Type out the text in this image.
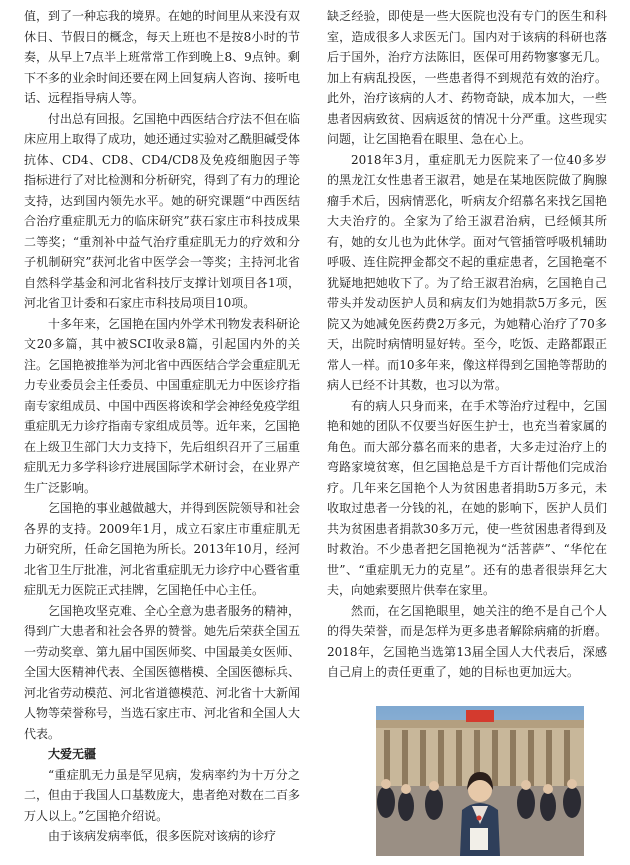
值，到了一种忘我的境界。在她的时间里从来没有双休日、节假日的概念，每天上班也不是按8小时的节奏，从早上7点半上班常常工作到晚上8、9点钟。剩下不多的业余时间还要在网上回复病人咨询、接听电话、远程指导病人等。

付出总有回报。乞国艳中西医结合疗法不但在临床应用上取得了成功，她还通过实验对乙酰胆碱受体抗体、CD4、CD8、CD4/CD8及免疫细胞因子等指标进行了对比检测和分析研究，得到了有力的理论支持，达到国内领先水平。她的研究课题“中西医结合治疗重症肌无力的临床研究”获石家庄市科技成果二等奖；“重剂补中益气治疗重症肌无力的疗效和分子机制研究”获河北省中医学会一等奖；主持河北省自然科学基金和河北省科技厅支撑计划项目各1项，河北省卫计委和石家庄市科技局项目10项。

十多年来，乞国艳在国内外学术刊物发表科研论文20多篇，其中被SCI收录8篇，引起国内外的关注。乞国艳被推举为河北省中西医结合学会重症肌无力专业委员会主任委员、中国重症肌无力中医诊疗指南专家组成员、中国中西医将诶和学会神经免疫学组重症肌无力诊疗指南专家组成员等。近年来，乞国艳在上级卫生部门大力支持下，先后组织召开了三届重症肌无力多学科诊疗进展国际学术研讨会，在业界产生广泛影响。

乞国艳的事业越做越大，并得到医院领导和社会各界的支持。2009年1月，成立石家庄市重症肌无力研究所，任命乞国艳为所长。2013年10月，经河北省卫生厅批准，河北省重症肌无力诊疗中心暨省重症肌无力医院正式挂牌，乞国艳任中心主任。

乞国艳攻坚克难、全心全意为患者服务的精神，得到广大患者和社会各界的赞誉。她先后荣获全国五一劳动奖章、第九届中国医师奖、中国最美女医师、全国大医精神代表、全国医德楷模、全国医德标兵、河北省劳动模范、河北省道德模范、河北省十大新闻人物等荣誉称号，当选石家庄市、河北省和全国人大代表。

大爱无疆

“重症肌无力虽是罕见病，发病率约为十万分之二，但由于我国人口基数庞大，患者绝对数在二百多万人以上。”乞国艳介绍说。

由于该病发病率低，很多医院对该病的诊疗

缺乏经验，即使是一些大医院也没有专门的医生和科室，造成很多人求医无门。国内对于该病的科研也落后于国外，治疗方法陈旧，医保可用药物寥寥无几。加上有病乱投医，一些患者得不到规范有效的治疗。此外，治疗该病的人才、药物奇缺，成本加大，一些患者因病致贫、因病返贫的情况十分严重。这些现实问题，让乞国艳看在眼里、急在心上。

2018年3月，重症肌无力医院来了一位40多岁的黑龙江女性患者王淑君，她是在某地医院做了胸腺瘤手术后，因病情恶化，听病友介绍慕名来找乞国艳大夫治疗的。全家为了给王淑君治病，已经倾其所有，她的女儿也为此休学。面对气管插管呼吸机辅助呼吸、连住院押金都交不起的重症患者，乞国艳毫不犹疑地把她收下了。为了给王淑君治病，乞国艳自己带头并发动医护人员和病友们为她捐款5万多元，医院又为她减免医药费2万多元，为她精心治疗了70多天，出院时病情明显好转。至今，吃饭、走路都跟正常人一样。而10多年来，像这样得到乞国艳等帮助的病人已经不计其数，也习以为常。

有的病人只身而来，在手术等治疗过程中，乞国艳和她的团队不仅要当好医生护士，也充当着家属的角色。而大部分慕名而来的患者，大多走过治疗上的弯路家境贫寒，但乞国艳总是千方百计帮他们完成治疗。几年来乞国艳个人为贫困患者捐助5万多元，未收取过患者一分钱的礼，在她的影响下，医护人员们共为贫困患者捐款30多万元，使一些贫困患者得到及时救治。不少患者把乞国艳视为“活菩萨”、“华佗在世”、“重症肌无力的克星”。还有的患者很崇拜乞大夫，向她索要照片供奉在家里。

然而，在乞国艳眼里，她关注的绝不是自己个人的得失荣誉，而是怎样为更多患者解除病痛的折磨。2018年，乞国艳当选第13届全国人大代表后，深感自己肩上的责任更重了，她的目标也更加远大。
